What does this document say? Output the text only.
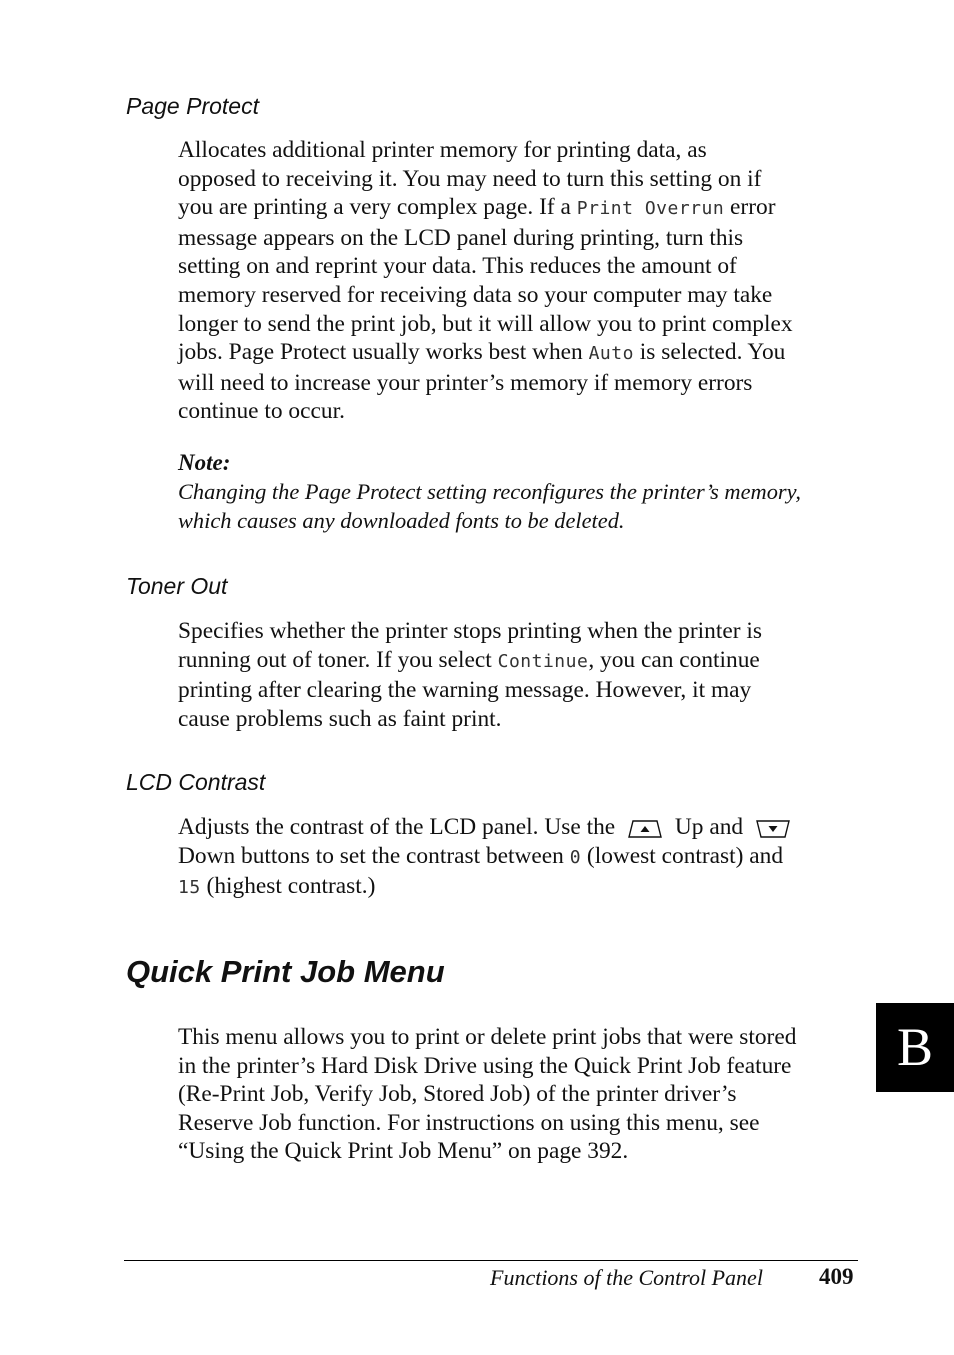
Page Protect
Allocates additional printer memory for printing data, as
opposed to receiving it. You may need to turn this setting on if
you are printing a very complex page. If a Print Overrun error
message appears on the LCD panel during printing, turn this
setting on and reprint your data. This reduces the amount of
memory reserved for receiving data so your computer may take
longer to send the print job, but it will allow you to print complex
jobs. Page Protect usually works best when Auto is selected. You
will need to increase your printer’s memory if memory errors
continue to occur.

Note:

Changing the Page Protect setting reconfigures the printer’s memory,
which causes any downloaded fonts to be deleted.
Toner Out
Specifies whether the printer stops printing when the printer is
running out of toner. If you select Continue, you can continue
printing after clearing the warning message. However, it may
cause problems such as faint print.
LCD Contrast
Adjusts the contrast of the LCD panel. Use the	Up and
Down buttons to set the contrast between 0 (lowest contrast) and
15 (highest contrast.)
Quick Print Job Menu
This menu allows you to print or delete print jobs that were stored
in the printer’s Hard Disk Drive using the Quick Print Job feature
(Re-Print Job, Verify Job, Stored Job) of the printer driver’s
Reserve Job function. For instructions on using this menu, see
“Using the Quick Print Job Menu” on page 392.
B

Functions of the Control Panel 409
